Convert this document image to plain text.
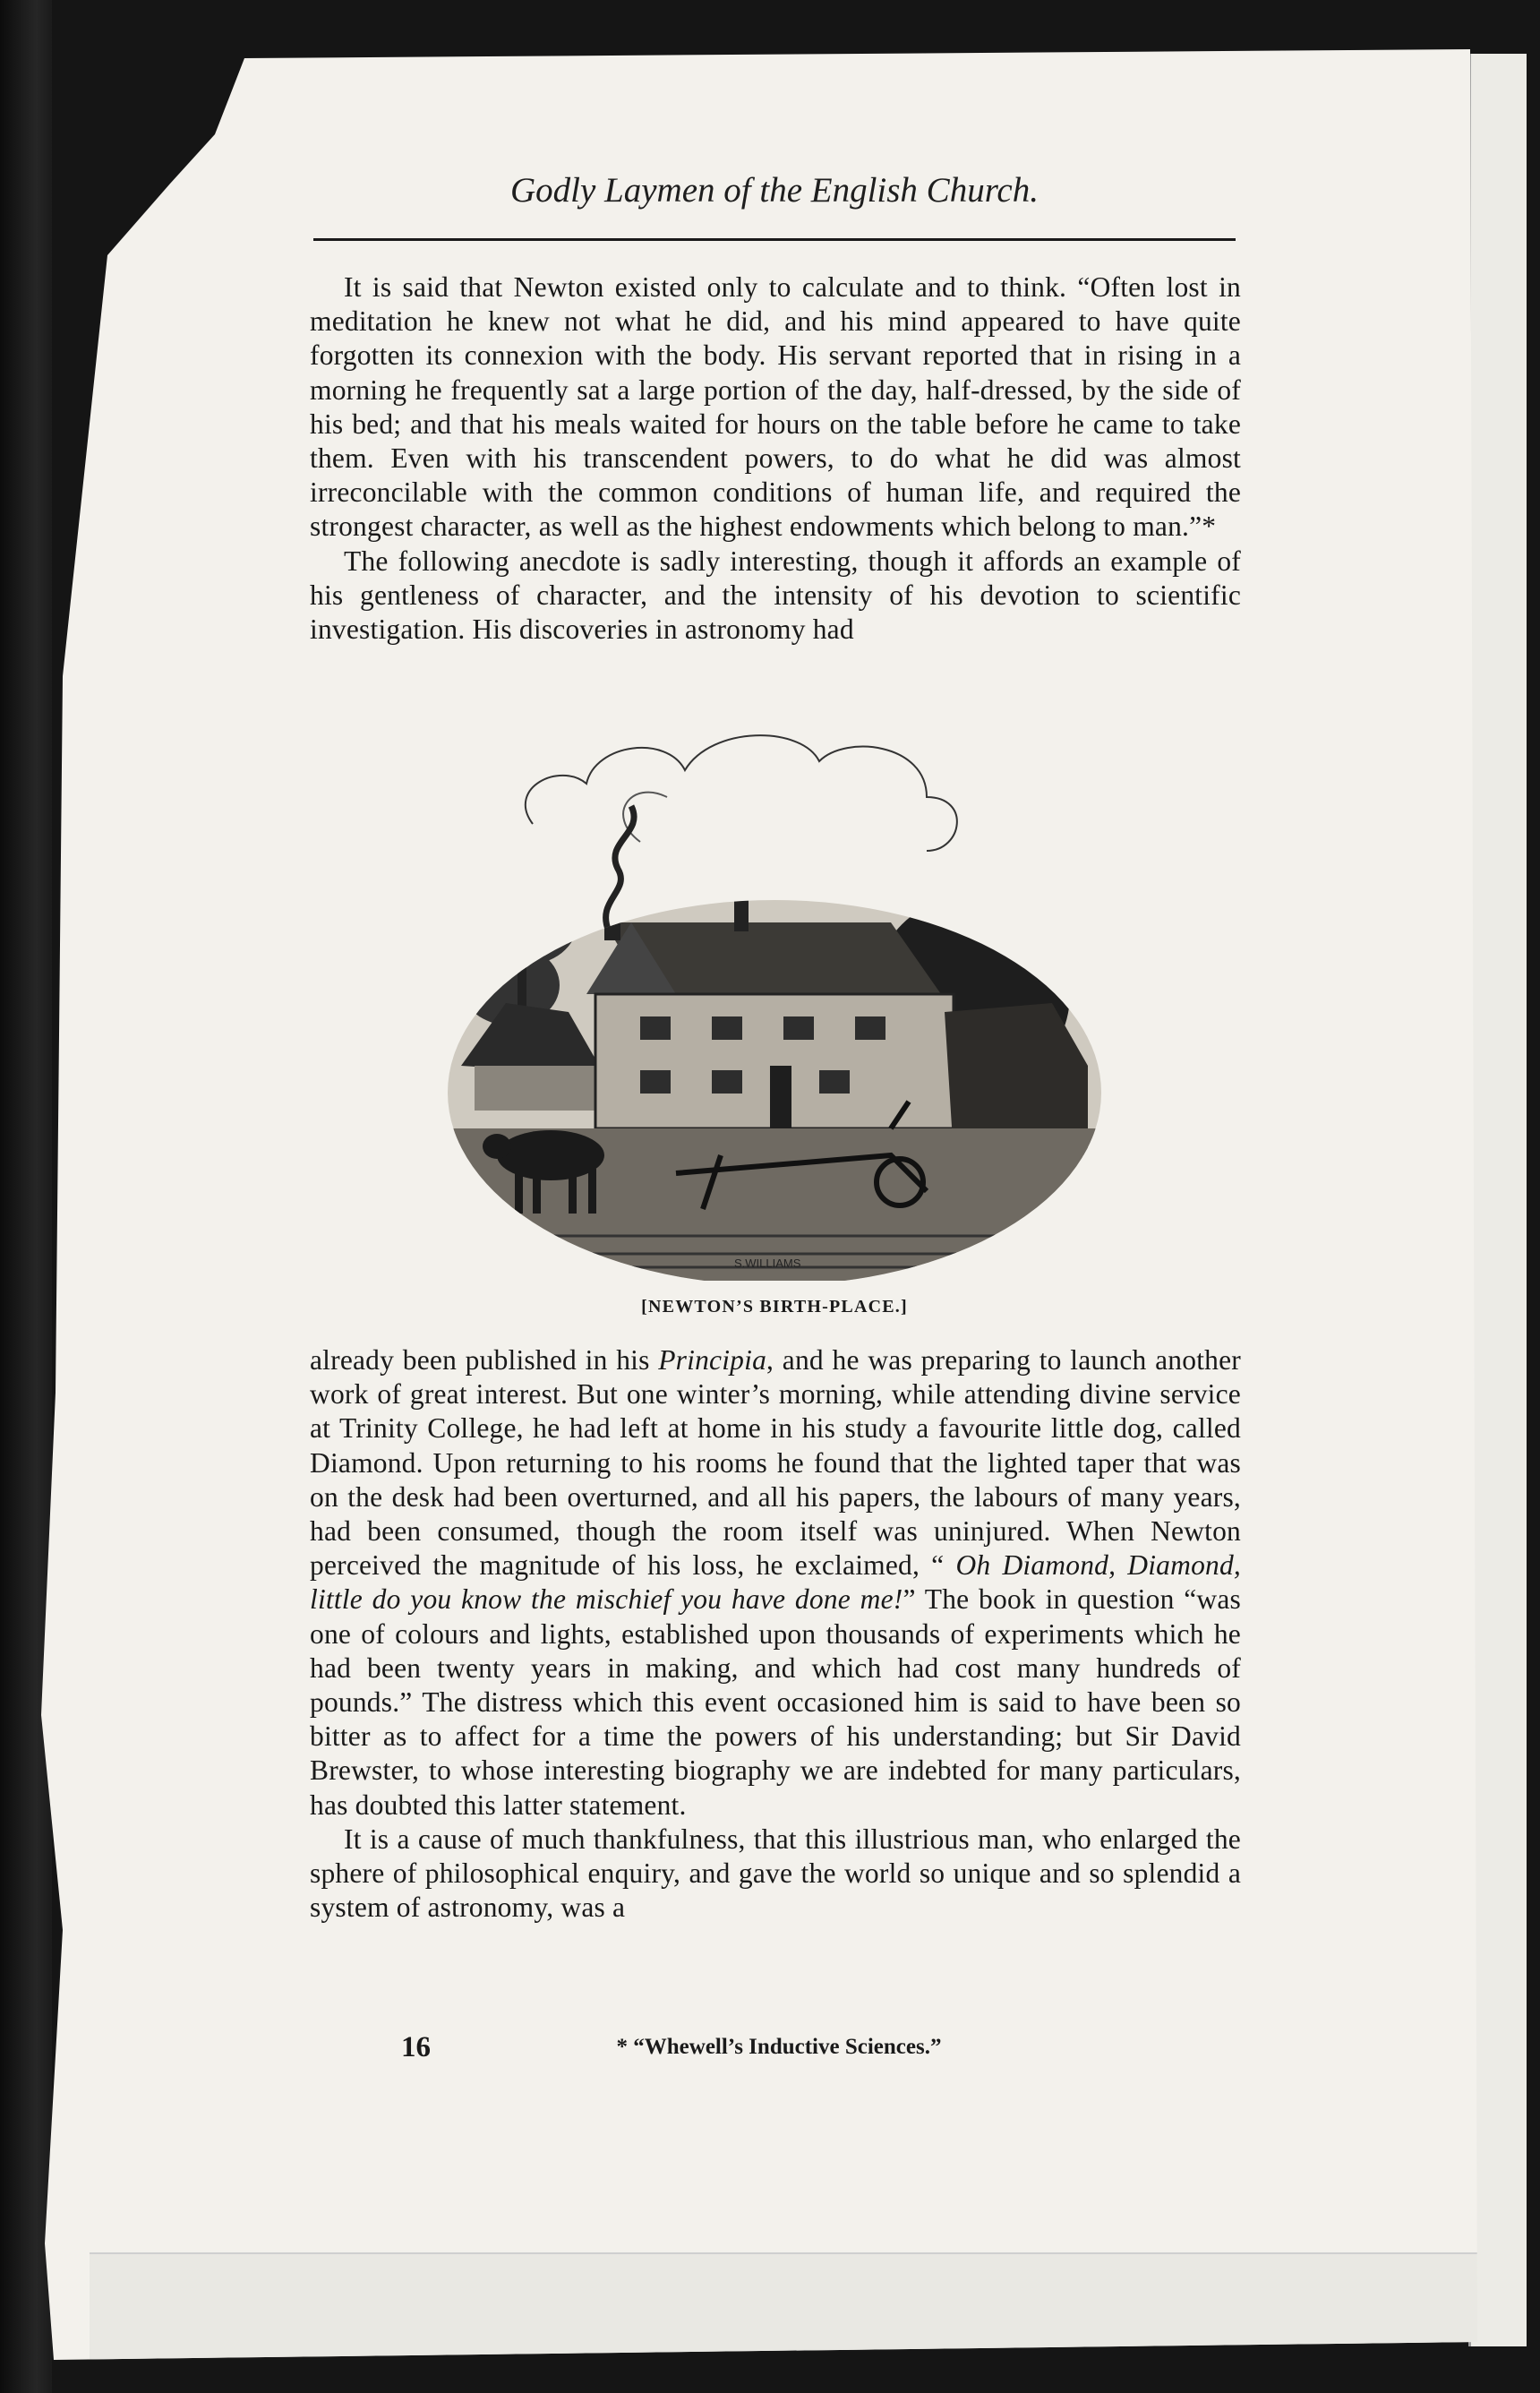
Godly Laymen of the English Church.

It is said that Newton existed only to calculate and to think. “Often lost in meditation he knew not what he did, and his mind appeared to have quite forgotten its connexion with the body. His servant reported that in rising in a morning he frequently sat a large portion of the day, half-dressed, by the side of his bed; and that his meals waited for hours on the table before he came to take them. Even with his transcendent powers, to do what he did was almost irreconcilable with the common conditions of human life, and required the strongest character, as well as the highest endowments which belong to man.”*

The following anecdote is sadly interesting, though it affords an example of his gentleness of character, and the intensity of his devotion to scientific investigation. His discoveries in astronomy had

S.WILLIAMS
[NEWTON’S BIRTH-PLACE.]

already been published in his Principia, and he was preparing to launch another work of great interest. But one winter’s morning, while attending divine service at Trinity College, he had left at home in his study a favourite little dog, called Diamond. Upon returning to his rooms he found that the lighted taper that was on the desk had been overturned, and all his papers, the labours of many years, had been consumed, though the room itself was uninjured. When Newton perceived the magnitude of his loss, he exclaimed, “ Oh Diamond, Diamond, little do you know the mischief you have done me!” The book in question “was one of colours and lights, established upon thousands of experiments which he had been twenty years in making, and which had cost many hundreds of pounds.” The distress which this event occasioned him is said to have been so bitter as to affect for a time the powers of his understanding; but Sir David Brewster, to whose interesting biography we are indebted for many particulars, has doubted this latter statement.

It is a cause of much thankfulness, that this illustrious man, who enlarged the sphere of philosophical enquiry, and gave the world so unique and so splendid a system of astronomy, was a

16	* “Whewell’s Inductive Sciences.”
